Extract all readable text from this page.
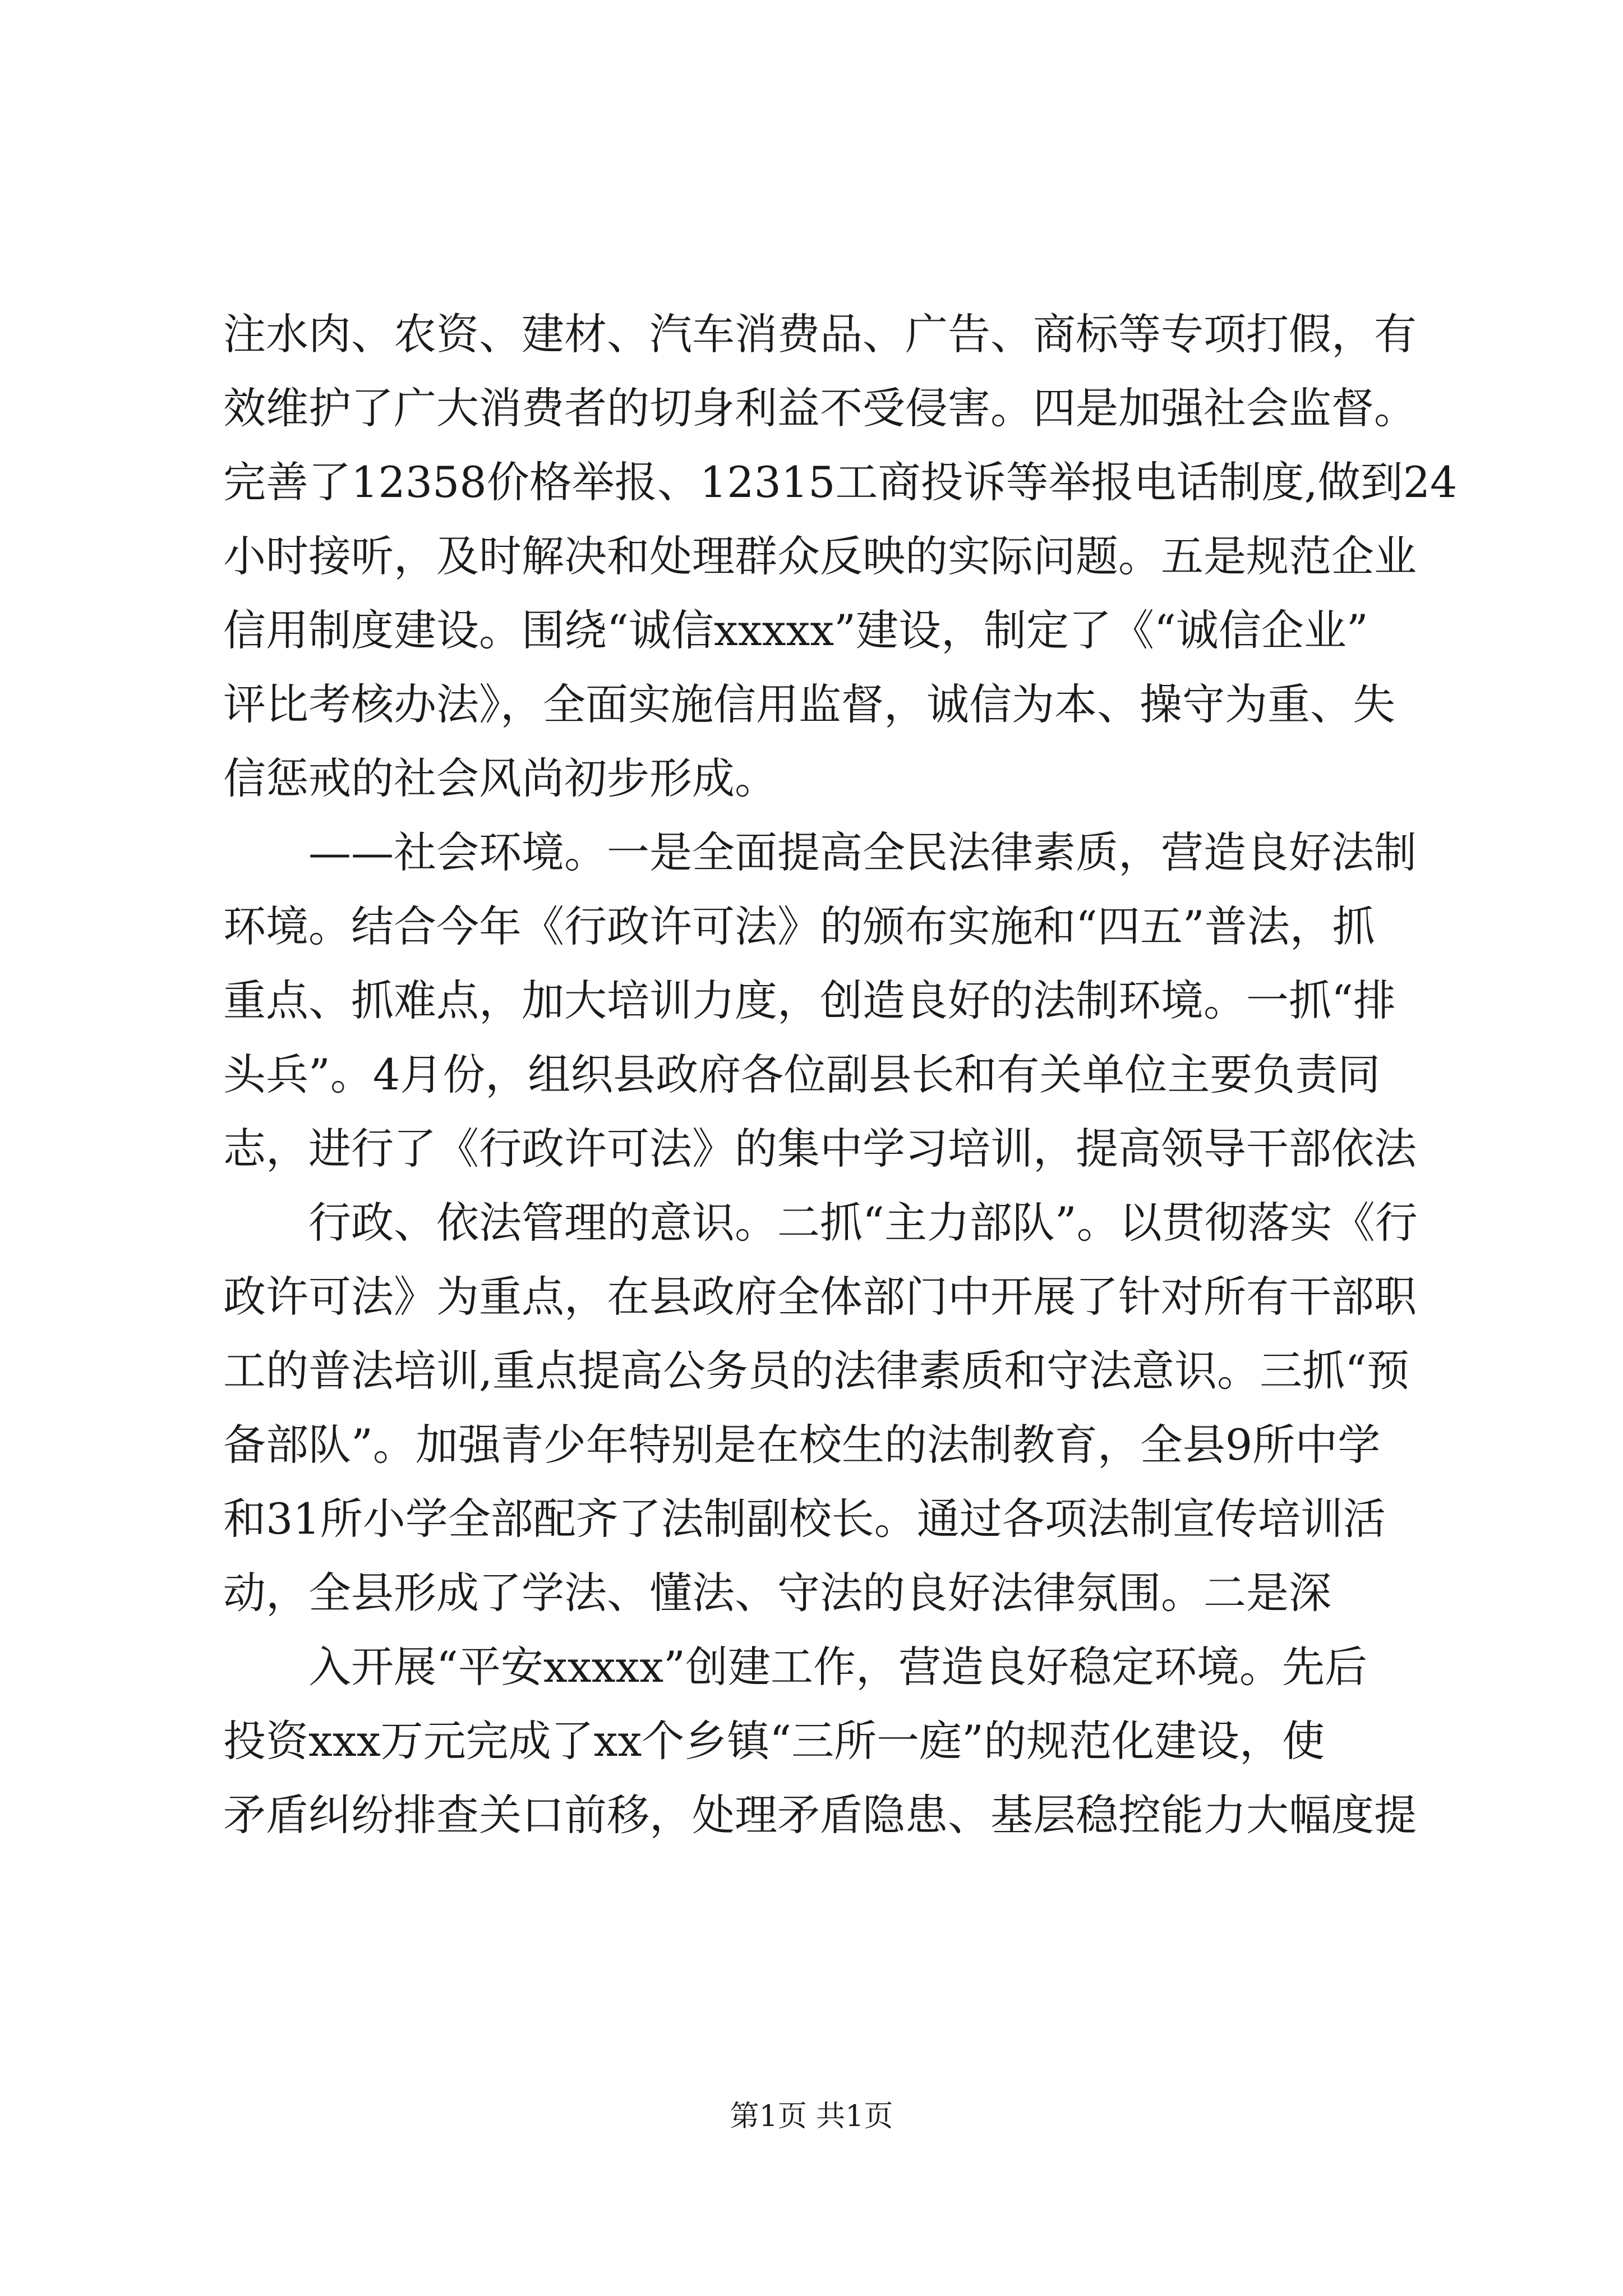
注水肉、农资、建材、汽车消费品、广告、商标等专项打假，有
效维护了广大消费者的切身利益不受侵害。四是加强社会监督。
完善了12358价格举报、12315工商投诉等举报电话制度,做到24
小时接听，及时解决和处理群众反映的实际问题。五是规范企业
信用制度建设。围绕“诚信xxxxx”建设，制定了《“诚信企业”
评比考核办法》，全面实施信用监督，诚信为本、操守为重、失
信惩戒的社会风尚初步形成。
——社会环境。一是全面提高全民法律素质，营造良好法制
环境。结合今年《行政许可法》的颁布实施和“四五”普法，抓
重点、抓难点，加大培训力度，创造良好的法制环境。一抓“排
头兵”。4月份，组织县政府各位副县长和有关单位主要负责同
志，进行了《行政许可法》的集中学习培训，提高领导干部依法
行政、依法管理的意识。二抓“主力部队”。以贯彻落实《行
政许可法》为重点，在县政府全体部门中开展了针对所有干部职
工的普法培训,重点提高公务员的法律素质和守法意识。三抓“预
备部队”。加强青少年特别是在校生的法制教育，全县9所中学
和31所小学全部配齐了法制副校长。通过各项法制宣传培训活
动，全县形成了学法、懂法、守法的良好法律氛围。二是深
入开展“平安xxxxx”创建工作，营造良好稳定环境。先后
投资xxx万元完成了xx个乡镇“三所一庭”的规范化建设，使
矛盾纠纷排查关口前移，处理矛盾隐患、基层稳控能力大幅度提
第1页 共1页
